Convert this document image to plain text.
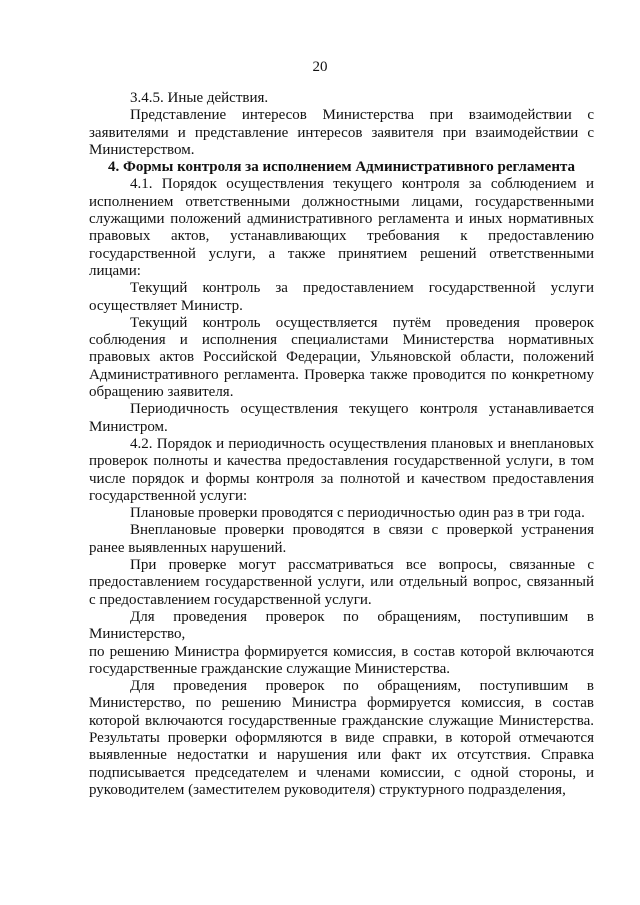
20

3.4.5. Иные действия.

Представление интересов Министерства при взаимодействии с заявителями и представление интересов заявителя при взаимодействии с Министерством.

4. Формы контроля за исполнением Административного регламента

4.1. Порядок осуществления текущего контроля за соблюдением и исполнением ответственными должностными лицами, государственными служащими положений административного регламента и иных нормативных правовых актов, устанавливающих требования к предоставлению государственной услуги, а также принятием решений ответственными лицами:

Текущий контроль за предоставлением государственной услуги осуществляет Министр.

Текущий контроль осуществляется путём проведения проверок соблюдения и исполнения специалистами Министерства нормативных правовых актов Российской Федерации, Ульяновской области, положений Административного регламента. Проверка также проводится по конкретному обращению заявителя.

Периодичность осуществления текущего контроля устанавливается Министром.

4.2. Порядок и периодичность осуществления плановых и внеплановых проверок полноты и качества предоставления государственной услуги, в том числе порядок и формы контроля за полнотой и качеством предоставления государственной услуги:

Плановые проверки проводятся с периодичностью один раз в три года.

Внеплановые проверки проводятся в связи с проверкой устранения ранее выявленных нарушений.

При проверке могут рассматриваться все вопросы, связанные с предоставлением государственной услуги, или отдельный вопрос, связанный с предоставлением государственной услуги.

Для проведения проверок по обращениям, поступившим в

Министерство,

по решению Министра формируется комиссия, в состав которой включаются государственные гражданские служащие Министерства.

Для проведения проверок по обращениям, поступившим в Министерство, по решению Министра формируется комиссия, в состав которой включаются государственные гражданские служащие Министерства. Результаты проверки оформляются в виде справки, в которой отмечаются выявленные недостатки и нарушения или факт их отсутствия. Справка подписывается председателем и членами комиссии, с одной стороны, и руководителем (заместителем руководителя) структурного подразделения,
